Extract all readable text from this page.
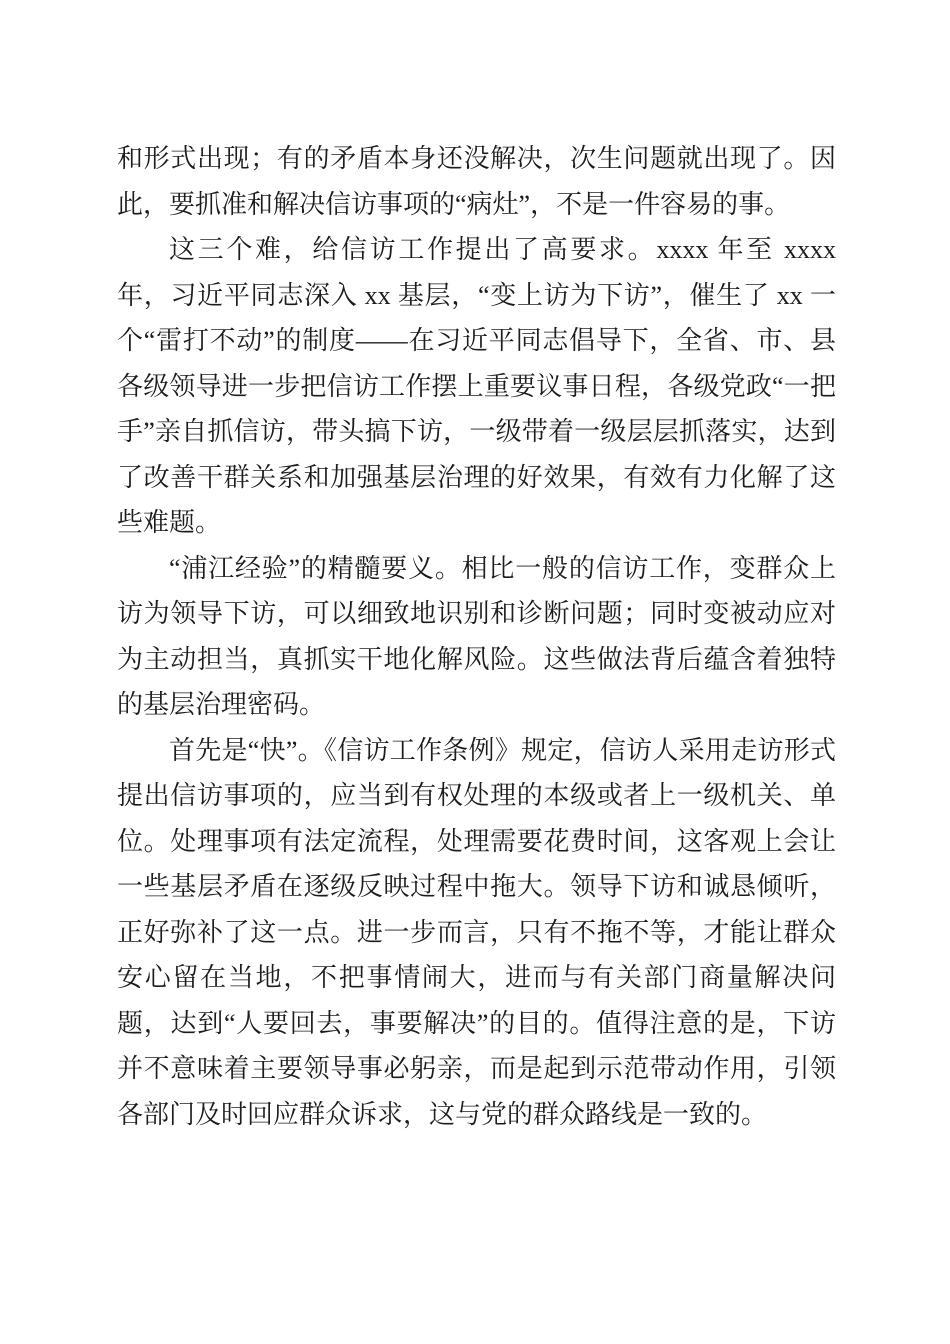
和形式出现；有的矛盾本身还没解决，次生问题就出现了。因此，要抓准和解决信访事项的“病灶”，不是一件容易的事。

这三个难，给信访工作提出了高要求。xxxx 年至 xxxx 年，习近平同志深入 xx 基层，“变上访为下访”，催生了 xx 一个“雷打不动”的制度——在习近平同志倡导下，全省、市、县各级领导进一步把信访工作摆上重要议事日程，各级党政“一把手”亲自抓信访，带头搞下访，一级带着一级层层抓落实，达到了改善干群关系和加强基层治理的好效果，有效有力化解了这些难题。

“浦江经验”的精髓要义。相比一般的信访工作，变群众上访为领导下访，可以细致地识别和诊断问题；同时变被动应对为主动担当，真抓实干地化解风险。这些做法背后蕴含着独特的基层治理密码。

首先是“快”。《信访工作条例》规定，信访人采用走访形式提出信访事项的，应当到有权处理的本级或者上一级机关、单位。处理事项有法定流程，处理需要花费时间，这客观上会让一些基层矛盾在逐级反映过程中拖大。领导下访和诚恳倾听，正好弥补了这一点。进一步而言，只有不拖不等，才能让群众安心留在当地，不把事情闹大，进而与有关部门商量解决问题，达到“人要回去，事要解决”的目的。值得注意的是，下访并不意味着主要领导事必躬亲，而是起到示范带动作用，引领各部门及时回应群众诉求，这与党的群众路线是一致的。
